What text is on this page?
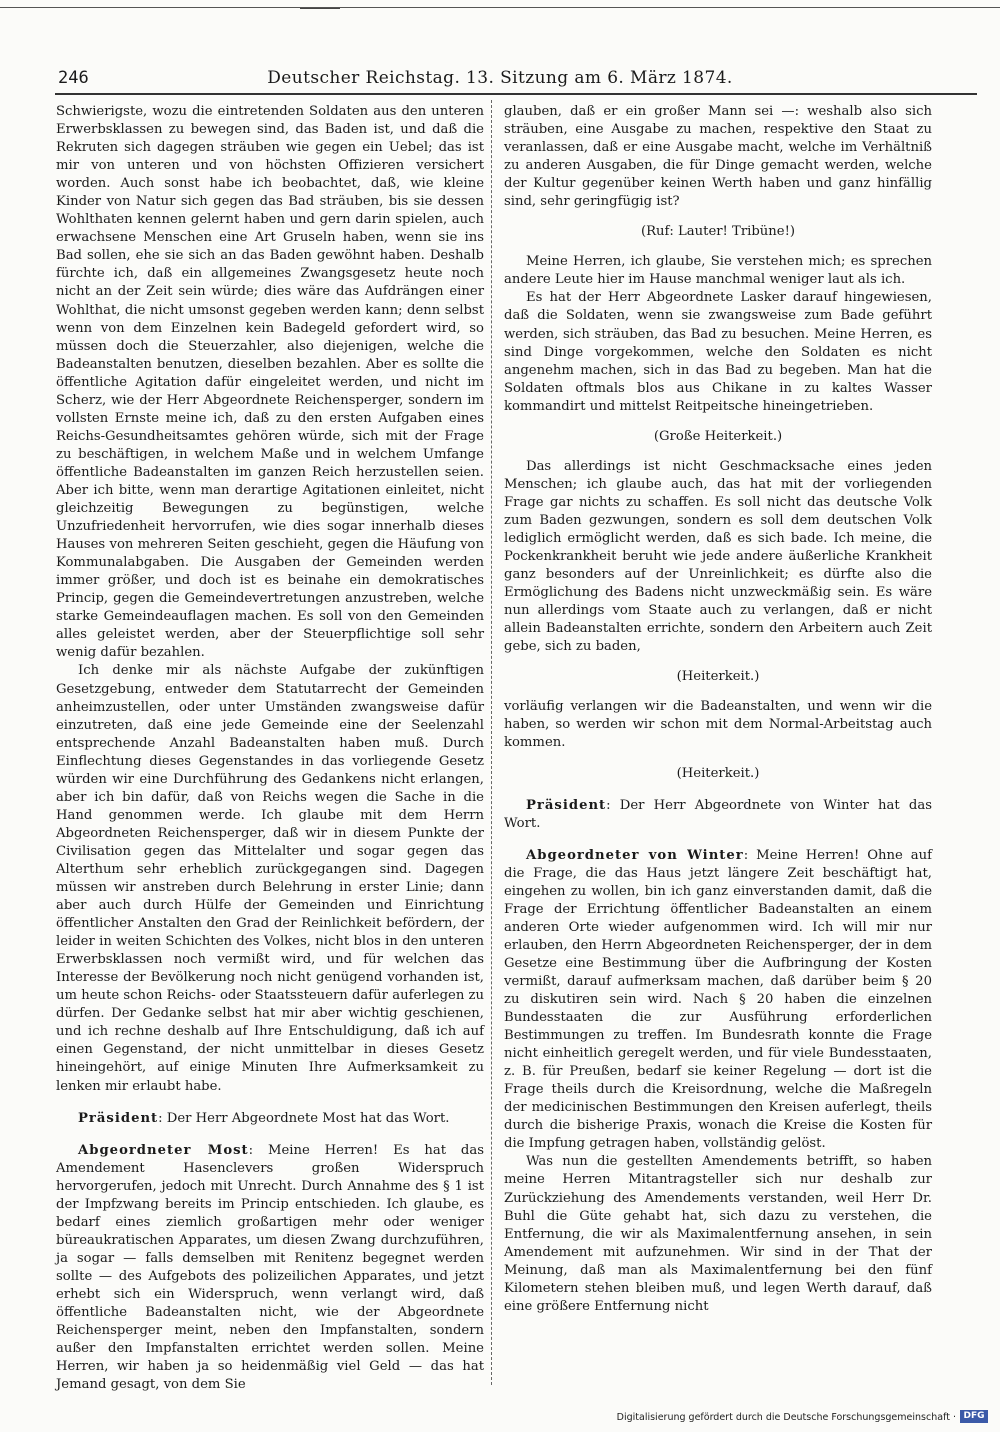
246	Deutscher Reichstag. 13. Sitzung am 6. März 1874.

Schwierigste, wozu die eintretenden Soldaten aus den unteren Erwerbsklassen zu bewegen sind, das Baden ist, und daß die Rekruten sich dagegen sträuben wie gegen ein Uebel; das ist mir von unteren und von höchsten Offizieren versichert worden. Auch sonst habe ich beobachtet, daß, wie kleine Kinder von Natur sich gegen das Bad sträuben, bis sie dessen Wohlthaten kennen gelernt haben und gern darin spielen, auch erwachsene Menschen eine Art Gruseln haben, wenn sie ins Bad sollen, ehe sie sich an das Baden gewöhnt haben. Deshalb fürchte ich, daß ein allgemeines Zwangsgesetz heute noch nicht an der Zeit sein würde; dies wäre das Aufdrängen einer Wohlthat, die nicht umsonst gegeben werden kann; denn selbst wenn von dem Einzelnen kein Badegeld gefordert wird, so müssen doch die Steuerzahler, also diejenigen, welche die Badeanstalten benutzen, dieselben bezahlen. Aber es sollte die öffentliche Agitation dafür eingeleitet werden, und nicht im Scherz, wie der Herr Abgeordnete Reichensperger, sondern im vollsten Ernste meine ich, daß zu den ersten Aufgaben eines Reichs-Gesundheitsamtes gehören würde, sich mit der Frage zu beschäftigen, in welchem Maße und in welchem Umfange öffentliche Badeanstalten im ganzen Reich herzustellen seien. Aber ich bitte, wenn man derartige Agitationen einleitet, nicht gleichzeitig Bewegungen zu begünstigen, welche Unzufriedenheit hervorrufen, wie dies sogar innerhalb dieses Hauses von mehreren Seiten geschieht, gegen die Häufung von Kommunalabgaben. Die Ausgaben der Gemeinden werden immer größer, und doch ist es beinahe ein demokratisches Princip, gegen die Gemeindevertretungen anzustreben, welche starke Gemeindeauflagen machen. Es soll von den Gemeinden alles geleistet werden, aber der Steuerpflichtige soll sehr wenig dafür bezahlen.

Ich denke mir als nächste Aufgabe der zukünftigen Gesetzgebung, entweder dem Statutarrecht der Gemeinden anheimzustellen, oder unter Umständen zwangsweise dafür einzutreten, daß eine jede Gemeinde eine der Seelenzahl entsprechende Anzahl Badeanstalten haben muß. Durch Einflechtung dieses Gegenstandes in das vorliegende Gesetz würden wir eine Durchführung des Gedankens nicht erlangen, aber ich bin dafür, daß von Reichs wegen die Sache in die Hand genommen werde. Ich glaube mit dem Herrn Abgeordneten Reichensperger, daß wir in diesem Punkte der Civilisation gegen das Mittelalter und sogar gegen das Alterthum sehr erheblich zurückgegangen sind. Dagegen müssen wir anstreben durch Belehrung in erster Linie; dann aber auch durch Hülfe der Gemeinden und Einrichtung öffentlicher Anstalten den Grad der Reinlichkeit befördern, der leider in weiten Schichten des Volkes, nicht blos in den unteren Erwerbsklassen noch vermißt wird, und für welchen das Interesse der Bevölkerung noch nicht genügend vorhanden ist, um heute schon Reichs- oder Staatssteuern dafür auferlegen zu dürfen. Der Gedanke selbst hat mir aber wichtig geschienen, und ich rechne deshalb auf Ihre Entschuldigung, daß ich auf einen Gegenstand, der nicht unmittelbar in dieses Gesetz hineingehört, auf einige Minuten Ihre Aufmerksamkeit zu lenken mir erlaubt habe.

Präsident: Der Herr Abgeordnete Most hat das Wort.

Abgeordneter Most: Meine Herren! Es hat das Amendement Hasenclevers großen Widerspruch hervorgerufen, jedoch mit Unrecht. Durch Annahme des § 1 ist der Impfzwang bereits im Princip entschieden. Ich glaube, es bedarf eines ziemlich großartigen mehr oder weniger büreaukratischen Apparates, um diesen Zwang durchzuführen, ja sogar — falls demselben mit Renitenz begegnet werden sollte — des Aufgebots des polizeilichen Apparates, und jetzt erhebt sich ein Widerspruch, wenn verlangt wird, daß öffentliche Badeanstalten nicht, wie der Abgeordnete Reichensperger meint, neben den Impfanstalten, sondern außer den Impfanstalten errichtet werden sollen. Meine Herren, wir haben ja so heidenmäßig viel Geld — das hat Jemand gesagt, von dem Sie

glauben, daß er ein großer Mann sei —: weshalb also sich sträuben, eine Ausgabe zu machen, respektive den Staat zu veranlassen, daß er eine Ausgabe macht, welche im Verhältniß zu anderen Ausgaben, die für Dinge gemacht werden, welche der Kultur gegenüber keinen Werth haben und ganz hinfällig sind, sehr geringfügig ist?

(Ruf: Lauter! Tribüne!)

Meine Herren, ich glaube, Sie verstehen mich; es sprechen andere Leute hier im Hause manchmal weniger laut als ich.

Es hat der Herr Abgeordnete Lasker darauf hingewiesen, daß die Soldaten, wenn sie zwangsweise zum Bade geführt werden, sich sträuben, das Bad zu besuchen. Meine Herren, es sind Dinge vorgekommen, welche den Soldaten es nicht angenehm machen, sich in das Bad zu begeben. Man hat die Soldaten oftmals blos aus Chikane in zu kaltes Wasser kommandirt und mittelst Reitpeitsche hineingetrieben.

(Große Heiterkeit.)

Das allerdings ist nicht Geschmacksache eines jeden Menschen; ich glaube auch, das hat mit der vorliegenden Frage gar nichts zu schaffen. Es soll nicht das deutsche Volk zum Baden gezwungen, sondern es soll dem deutschen Volk lediglich ermöglicht werden, daß es sich bade. Ich meine, die Pockenkrankheit beruht wie jede andere äußerliche Krankheit ganz besonders auf der Unreinlichkeit; es dürfte also die Ermöglichung des Badens nicht unzweckmäßig sein. Es wäre nun allerdings vom Staate auch zu verlangen, daß er nicht allein Badeanstalten errichte, sondern den Arbeitern auch Zeit gebe, sich zu baden,

(Heiterkeit.)

vorläufig verlangen wir die Badeanstalten, und wenn wir die haben, so werden wir schon mit dem Normal-Arbeitstag auch kommen.

(Heiterkeit.)

Präsident: Der Herr Abgeordnete von Winter hat das Wort.

Abgeordneter von Winter: Meine Herren! Ohne auf die Frage, die das Haus jetzt längere Zeit beschäftigt hat, eingehen zu wollen, bin ich ganz einverstanden damit, daß die Frage der Errichtung öffentlicher Badeanstalten an einem anderen Orte wieder aufgenommen wird. Ich will mir nur erlauben, den Herrn Abgeordneten Reichensperger, der in dem Gesetze eine Bestimmung über die Aufbringung der Kosten vermißt, darauf aufmerksam machen, daß darüber beim § 20 zu diskutiren sein wird. Nach § 20 haben die einzelnen Bundesstaaten die zur Ausführung erforderlichen Bestimmungen zu treffen. Im Bundesrath konnte die Frage nicht einheitlich geregelt werden, und für viele Bundesstaaten, z. B. für Preußen, bedarf sie keiner Regelung — dort ist die Frage theils durch die Kreisordnung, welche die Maßregeln der medicinischen Bestimmungen den Kreisen auferlegt, theils durch die bisherige Praxis, wonach die Kreise die Kosten für die Impfung getragen haben, vollständig gelöst.

Was nun die gestellten Amendements betrifft, so haben meine Herren Mitantragsteller sich nur deshalb zur Zurückziehung des Amendements verstanden, weil Herr Dr. Buhl die Güte gehabt hat, sich dazu zu verstehen, die Entfernung, die wir als Maximalentfernung ansehen, in sein Amendement mit aufzunehmen. Wir sind in der That der Meinung, daß man als Maximalentfernung bei den fünf Kilometern stehen bleiben muß, und legen Werth darauf, daß eine größere Entfernung nicht

Digitalisierung gefördert durch die Deutsche Forschungsgemeinschaft · DFG
